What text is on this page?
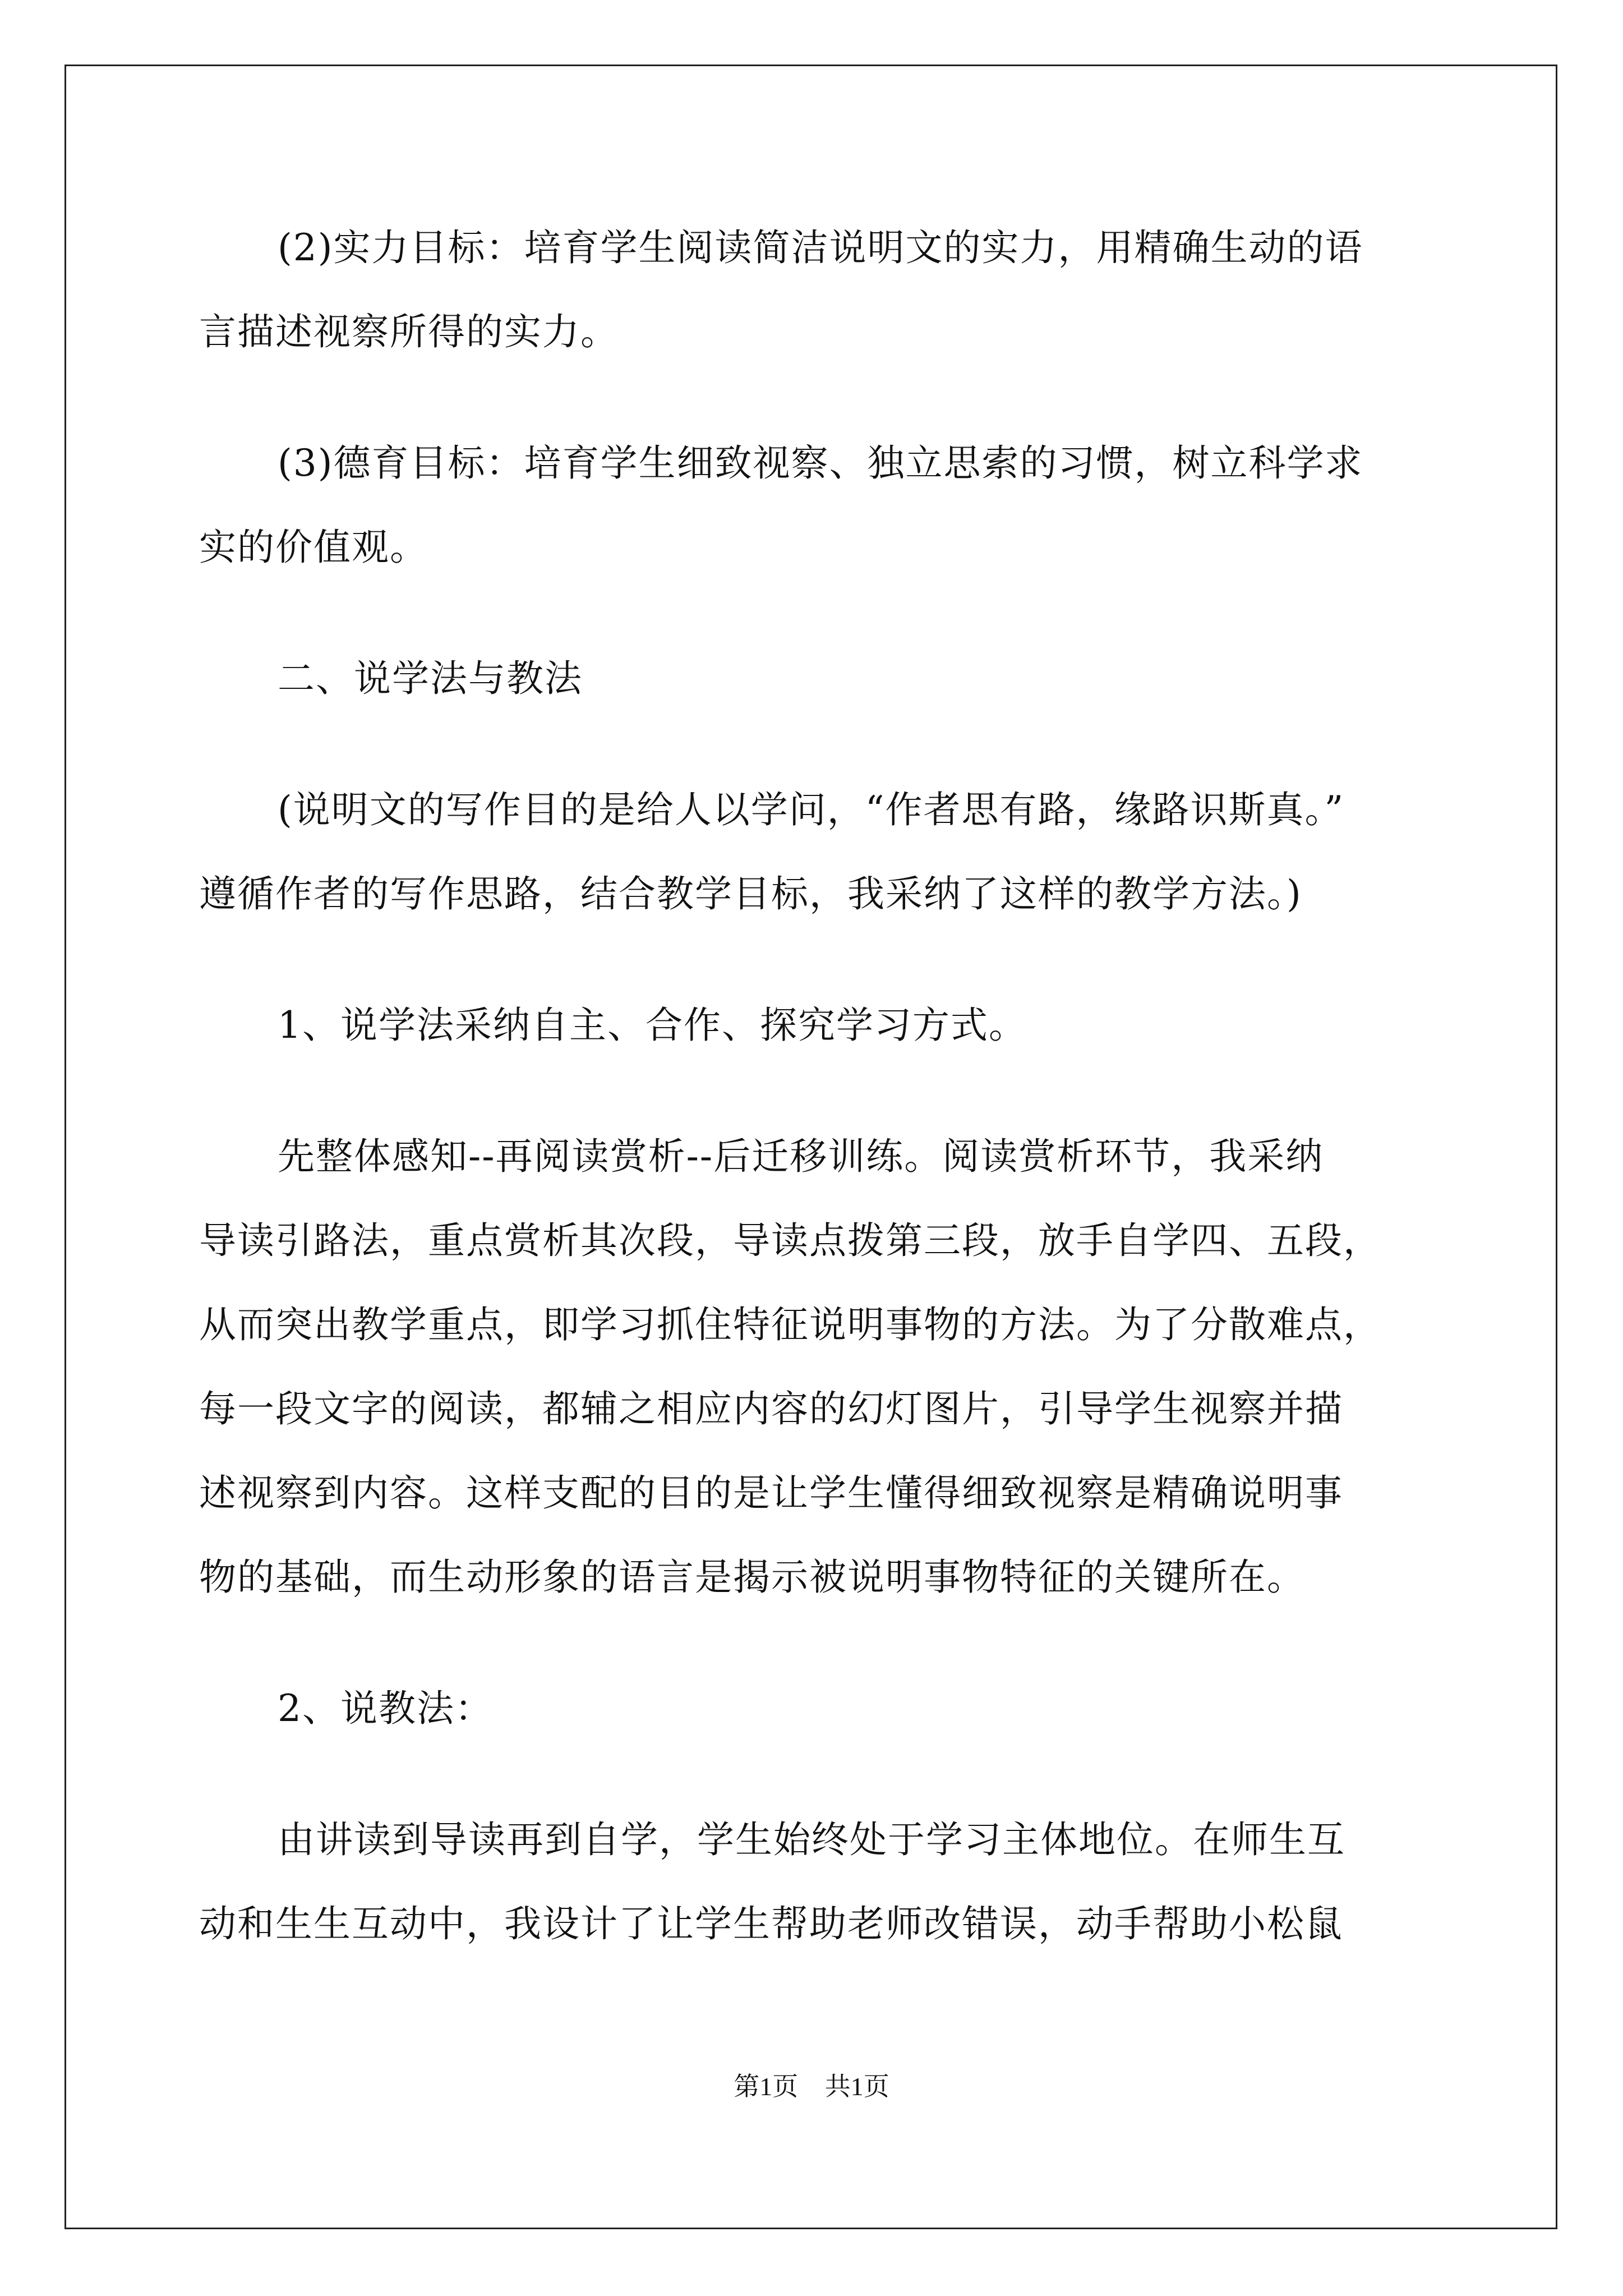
(2)实力目标：培育学生阅读简洁说明文的实力，用精确生动的语
言描述视察所得的实力。
(3)德育目标：培育学生细致视察、独立思索的习惯，树立科学求
实的价值观。
二、说学法与教法
(说明文的写作目的是给人以学问，“作者思有路，缘路识斯真。”
遵循作者的写作思路，结合教学目标，我采纳了这样的教学方法。)
1、说学法采纳自主、合作、探究学习方式。
先整体感知--再阅读赏析--后迁移训练。阅读赏析环节，我采纳
导读引路法，重点赏析其次段，导读点拨第三段，放手自学四、五段，
从而突出教学重点，即学习抓住特征说明事物的方法。为了分散难点，
每一段文字的阅读，都辅之相应内容的幻灯图片，引导学生视察并描
述视察到内容。这样支配的目的是让学生懂得细致视察是精确说明事
物的基础，而生动形象的语言是揭示被说明事物特征的关键所在。
2、说教法：
由讲读到导读再到自学，学生始终处于学习主体地位。在师生互
动和生生互动中，我设计了让学生帮助老师改错误，动手帮助小松鼠
第1页 共1页
